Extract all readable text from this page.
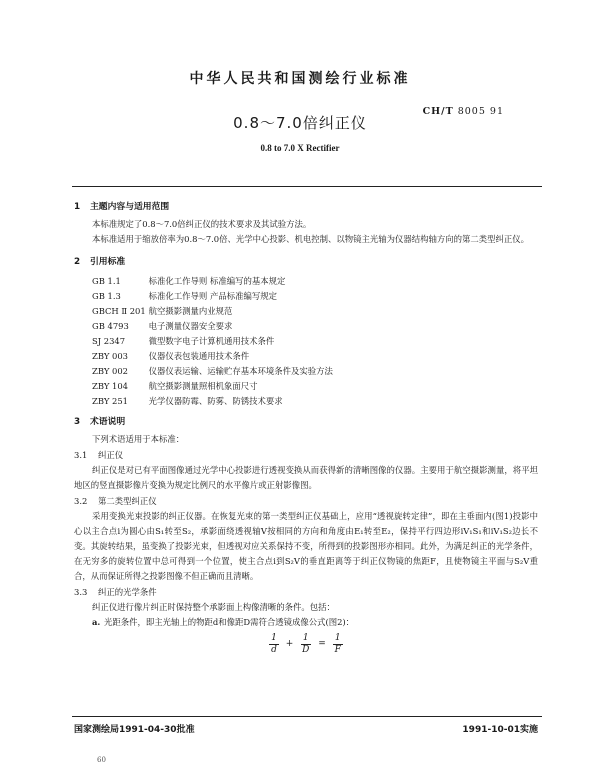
中华人民共和国测绘行业标准
CH/T 8005 91
0.8～7.0倍纠正仪
0.8 to 7.0 X Rectifier
1 主题内容与适用范围
本标准规定了0.8～7.0倍纠正仪的技术要求及其试验方法。
本标准适用于缩放倍率为0.8～7.0倍、光学中心投影、机电控制、以物镜主光轴为仪器结构轴方向的第二类型纠正仪。
2 引用标准
GB 1.1	标准化工作导则 标准编写的基本规定
GB 1.3	标准化工作导则 产品标准编写规定
GBCH Ⅱ 201 航空摄影测量内业规范
GB 4793 电子测量仪器安全要求
SJ 2347	微型数字电子计算机通用技术条件
ZBY 003 仪器仪表包装通用技术条件
ZBY 002 仪器仪表运输、运输贮存基本环境条件及实验方法
ZBY 104 航空摄影测量照相机象面尺寸
ZBY 251 光学仪器防霉、防雾、防锈技术要求
3 术语说明
下列术语适用于本标准：
3.1 纠正仪
纠正仪是对已有平面图像通过光学中心投影进行透视变换从而获得新的清晰图像的仪器。主要用于航空摄影测量，将平坦地区的竖直摄影像片变换为规定比例尺的水平像片或正射影像图。
3.2 第二类型纠正仪
采用变换光束投影的纠正仪器。在恢复光束的第一类型纠正仪基础上，应用“透视旋转定律”，即在主垂面内(图1)投影中心以主合点i为圆心由S₁转至S₂，承影面绕透视轴V按相同的方向和角度由E₁转至E₂，保持平行四边形iV₁S₁和iV₁S₂边长不变。其旋转结果，虽变换了投影光束，但透视对应关系保持不变，所得到的投影图形亦相同。此外，为满足纠正的光学条件，在无穷多的旋转位置中总可得到一个位置，使主合点i到S₂V的垂直距离等于纠正仪物镜的焦距F，且使物镜主平面与S₂V重合，从而保证所得之投影图像不但正确而且清晰。
3.3 纠正的光学条件
纠正仪进行像片纠正时保持整个承影面上构像清晰的条件。包括：
a. 光距条件，即主光轴上的物距d和像距D需符合透镜成像公式(图2)：
$\frac{1}{d} + \frac{1}{D} = \frac{1}{F}$
国家测绘局1991-04-30批准	1991-10-01实施
60
